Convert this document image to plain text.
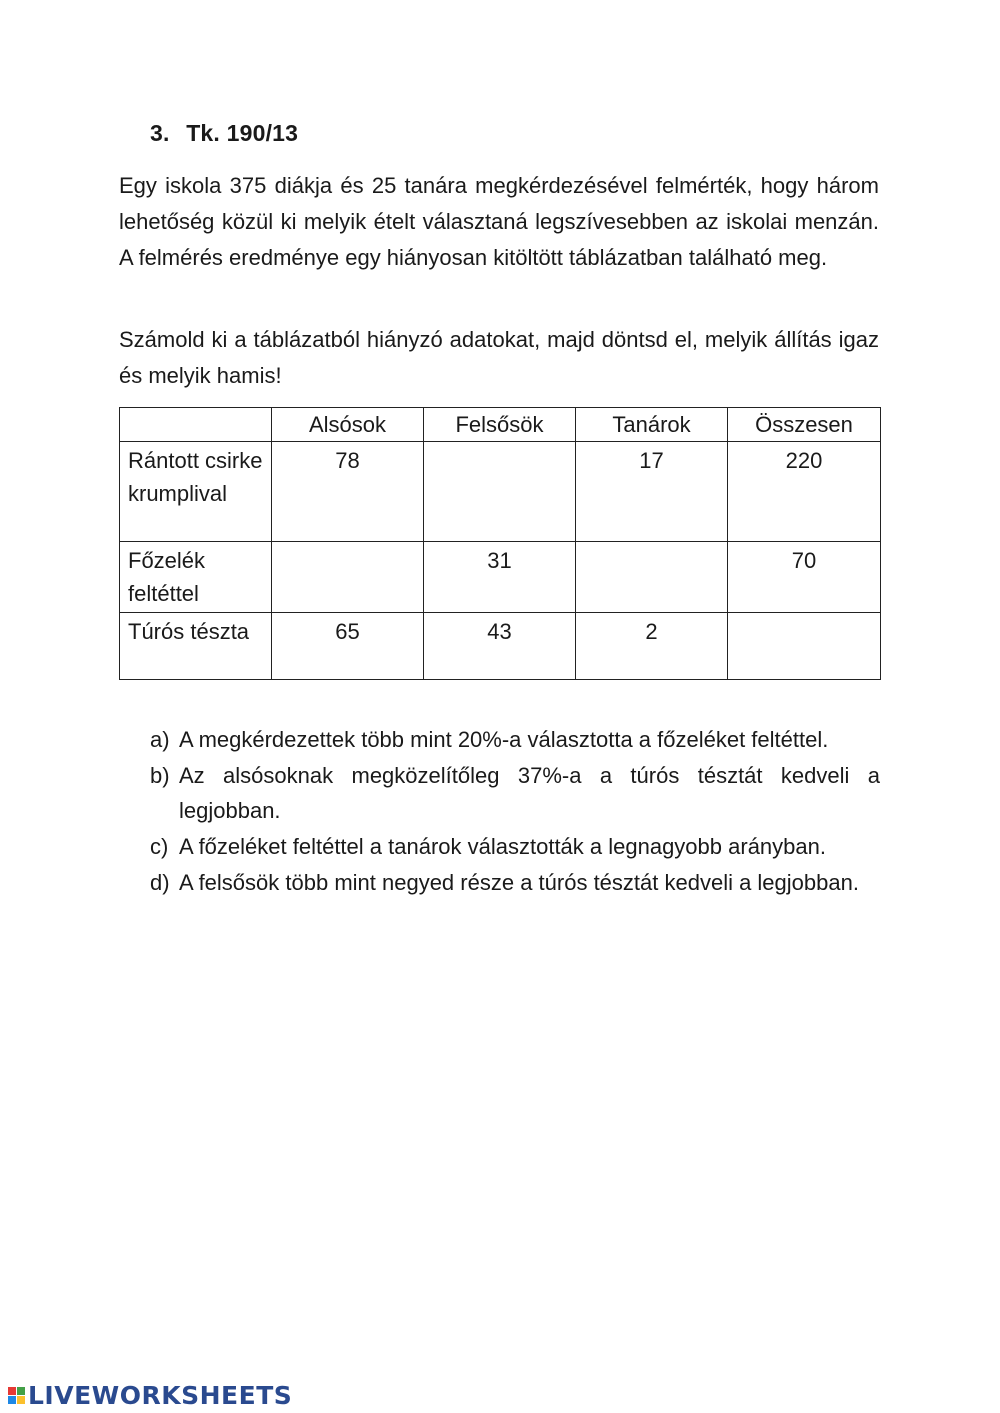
3. Tk. 190/13

Egy iskola 375 diákja és 25 tanára megkérdezésével felmérték, hogy három lehetőség közül ki melyik ételt választaná legszívesebben az iskolai menzán. A felmérés eredménye egy hiányosan kitöltött táblázatban található meg.

Számold ki a táblázatból hiányzó adatokat, majd döntsd el, melyik állítás igaz és melyik hamis!

	Alsósok	Felsősök	Tanárok	Összesen
Rántott csirke krumplival	78		17	220
Főzelék feltéttel		31		70
Túrós tészta	65	43	2	
a) A megkérdezettek több mint 20%-a választotta a főzeléket feltéttel.
b) Az alsósoknak megközelítőleg 37%-a a túrós tésztát kedveli a legjobban.
c) A főzeléket feltéttel a tanárok választották a legnagyobb arányban.
d) A felsősök több mint negyed része a túrós tésztát kedveli a legjobban.
LIVEWORKSHEETS
